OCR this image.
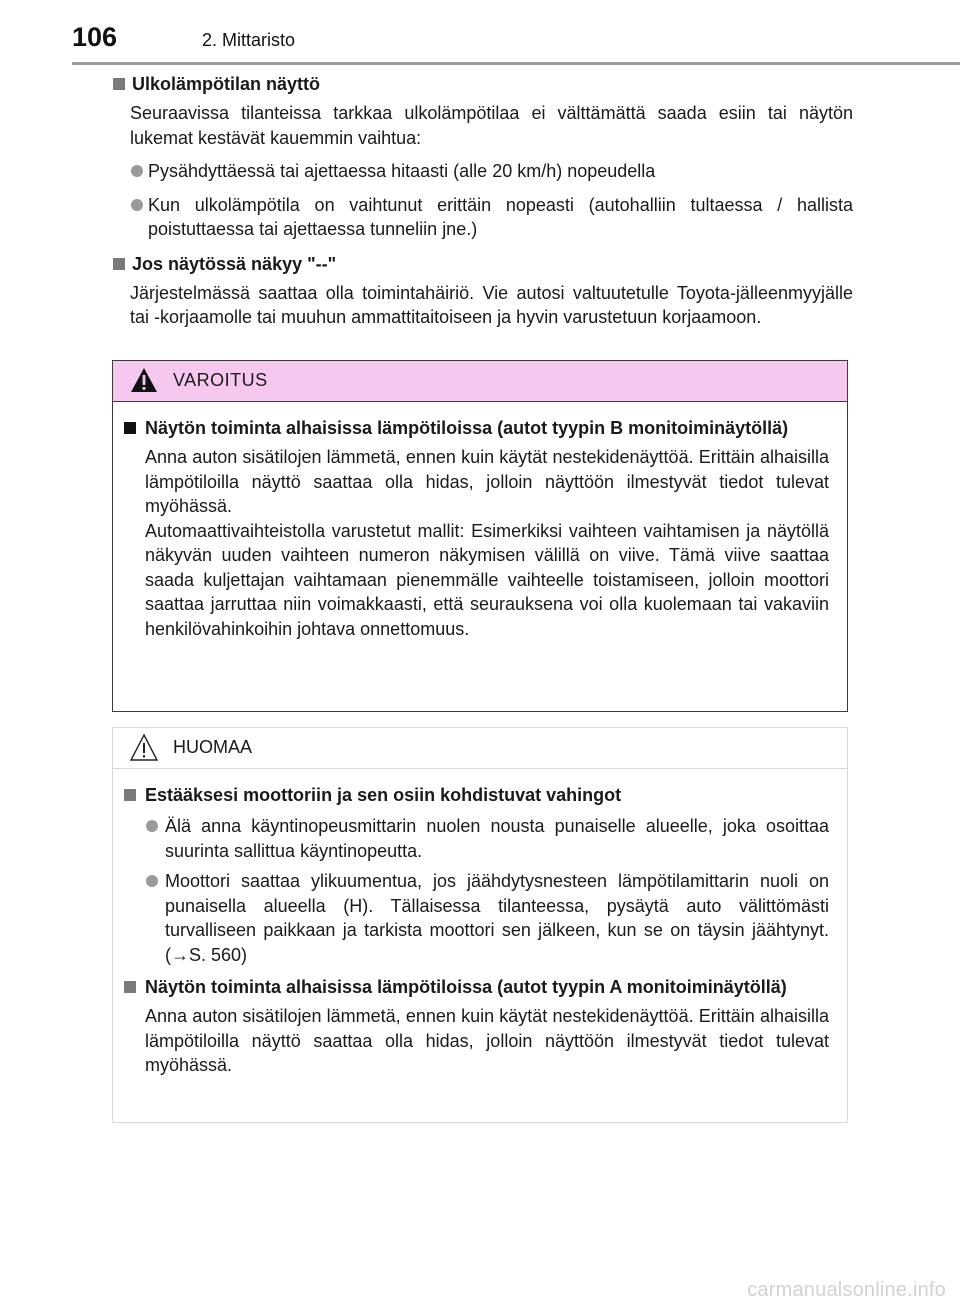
106	2. Mittaristo
Ulkolämpötilan näyttö
Seuraavissa tilanteissa tarkkaa ulkolämpötilaa ei välttämättä saada esiin tai näytön lukemat kestävät kauemmin vaihtua:
Pysähdyttäessä tai ajettaessa hitaasti (alle 20 km/h) nopeudella
Kun ulkolämpötila on vaihtunut erittäin nopeasti (autohalliin tultaessa / hallista poistuttaessa tai ajettaessa tunneliin jne.)
Jos näytössä näkyy "--"
Järjestelmässä saattaa olla toimintahäiriö. Vie autosi valtuutetulle Toyota-jälleenmyyjälle tai -korjaamolle tai muuhun ammattitaitoiseen ja hyvin varustetuun korjaamoon.
VAROITUS
Näytön toiminta alhaisissa lämpötiloissa (autot tyypin B monitoiminäytöllä)
Anna auton sisätilojen lämmetä, ennen kuin käytät nestekidenäyttöä. Erittäin alhaisilla lämpötiloilla näyttö saattaa olla hidas, jolloin näyttöön ilmestyvät tiedot tulevat myöhässä.
Automaattivaihteistolla varustetut mallit: Esimerkiksi vaihteen vaihtamisen ja näytöllä näkyvän uuden vaihteen numeron näkymisen välillä on viive. Tämä viive saattaa saada kuljettajan vaihtamaan pienemmälle vaihteelle toistamiseen, jolloin moottori saattaa jarruttaa niin voimakkaasti, että seurauksena voi olla kuolemaan tai vakaviin henkilövahinkoihin johtava onnettomuus.
HUOMAA
Estääksesi moottoriin ja sen osiin kohdistuvat vahingot
Älä anna käyntinopeusmittarin nuolen nousta punaiselle alueelle, joka osoittaa suurinta sallittua käyntinopeutta.
Moottori saattaa ylikuumentua, jos jäähdytysnesteen lämpötilamittarin nuoli on punaisella alueella (H). Tällaisessa tilanteessa, pysäytä auto välittömästi turvalliseen paikkaan ja tarkista moottori sen jälkeen, kun se on täysin jäähtynyt. (→S. 560)
Näytön toiminta alhaisissa lämpötiloissa (autot tyypin A monitoiminäytöllä)
Anna auton sisätilojen lämmetä, ennen kuin käytät nestekidenäyttöä. Erittäin alhaisilla lämpötiloilla näyttö saattaa olla hidas, jolloin näyttöön ilmestyvät tiedot tulevat myöhässä.
carmanualsonline.info
